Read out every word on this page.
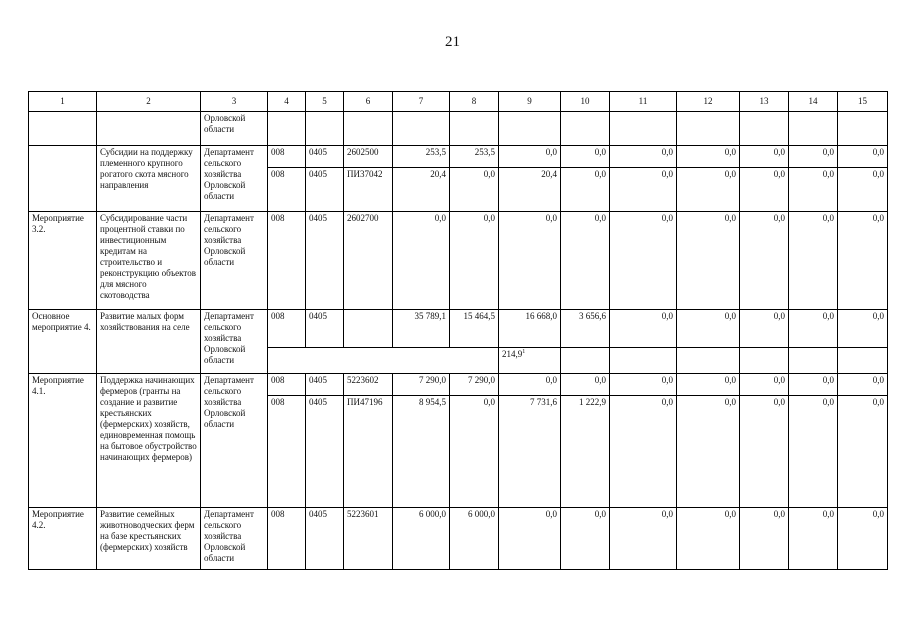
21
1	2	3	4	5	6	7	8	9	10	11	12	13	14	15
		Орловской области												
	Субсидии на поддержку племенного крупного рогатого скота мясного направления	Департамент сельского хозяйства Орловской области	008	0405	2602500	253,5	253,5	0,0	0,0	0,0	0,0	0,0	0,0	0,0
			008	0405	ПИ37042	20,4	0,0	20,4	0,0	0,0	0,0	0,0	0,0	0,0
Мероприятие 3.2.	Субсидирование части процентной ставки по инвестиционным кредитам на строительство и реконструкцию объектов для мясного скотоводства	Департамент сельского хозяйства Орловской области	008	0405	2602700	0,0	0,0	0,0	0,0	0,0	0,0	0,0	0,0	0,0
Основное мероприятие 4.	Развитие малых форм хозяйствования на селе	Департамент сельского хозяйства Орловской области	008	0405		35 789,1	15 464,5	16 668,0	3 656,6	0,0	0,0	0,0	0,0	0,0
								214,9$^1$						
Мероприятие 4.1.	Поддержка начинающих фермеров (гранты на создание и развитие крестьянских (фермерских) хозяйств, единовременная помощь на бытовое обустройство начинающих фермеров)	Департамент сельского хозяйства Орловской области	008	0405	5223602	7 290,0	7 290,0	0,0	0,0	0,0	0,0	0,0	0,0	0,0
			008	0405	ПИ47196	8 954,5	0,0	7 731,6	1 222,9	0,0	0,0	0,0	0,0	0,0
Мероприятие 4.2.	Развитие семейных животноводческих ферм на базе крестьянских (фермерских) хозяйств	Департамент сельского хозяйства Орловской области	008	0405	5223601	6 000,0	6 000,0	0,0	0,0	0,0	0,0	0,0	0,0	0,0
